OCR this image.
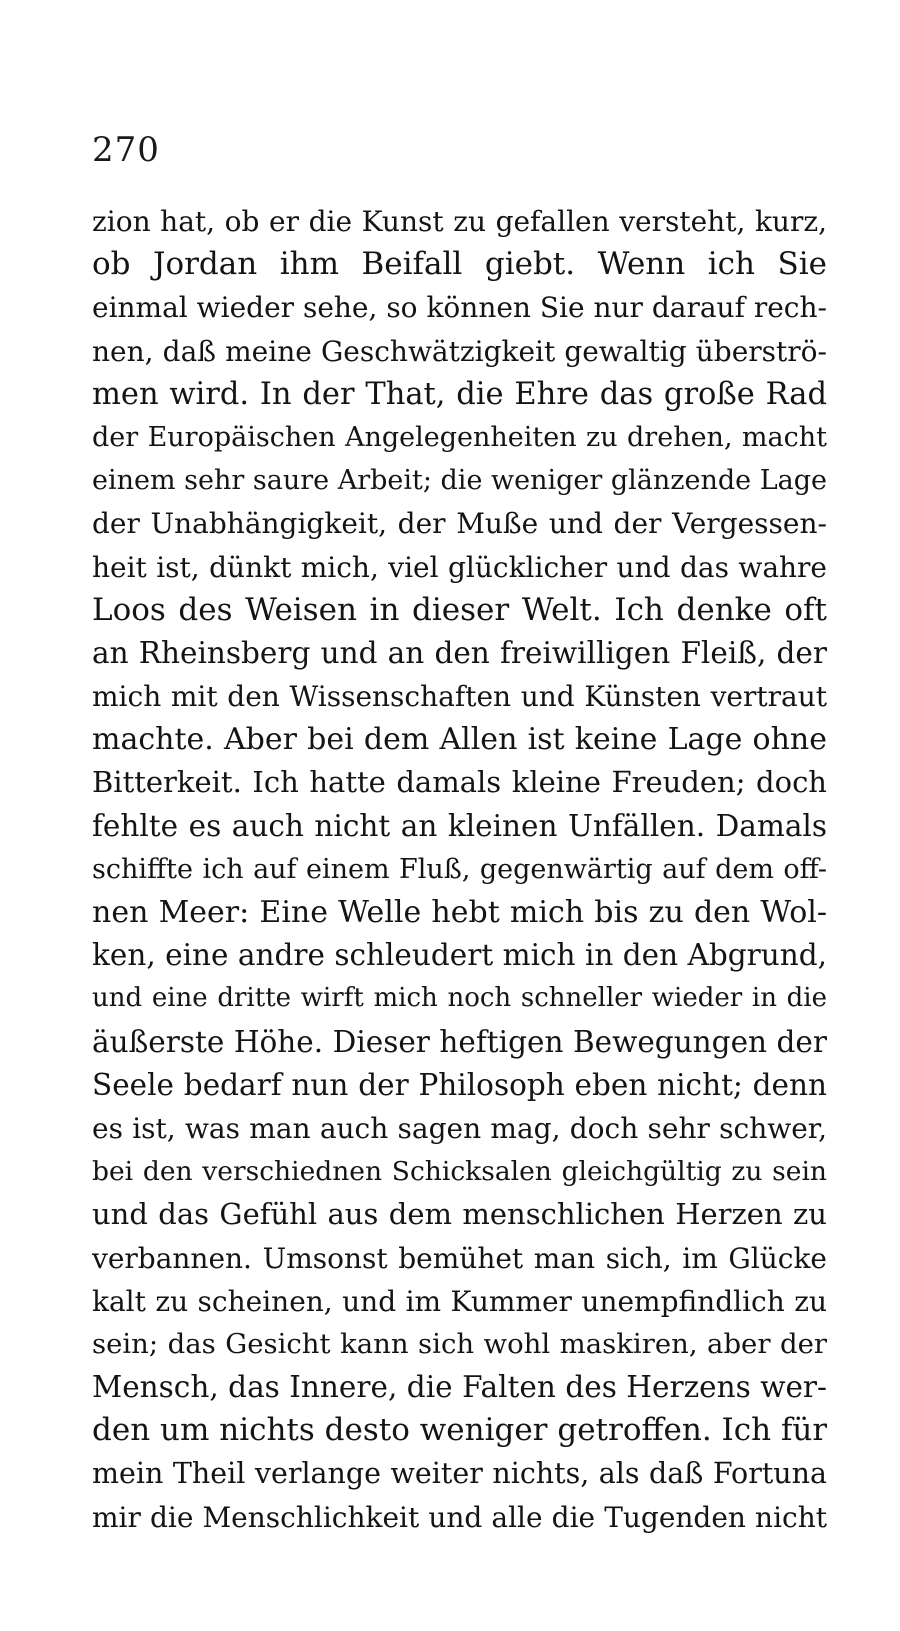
270
zion hat, ob er die Kunst zu gefallen versteht, kurz,
ob Jordan ihm Beifall giebt. Wenn ich Sie
einmal wieder sehe, so können Sie nur darauf rech-
nen, daß meine Geschwätzigkeit gewaltig überströ-
men wird. In der That, die Ehre das große Rad
der Europäischen Angelegenheiten zu drehen, macht
einem sehr saure Arbeit; die weniger glänzende Lage
der Unabhängigkeit, der Muße und der Vergessen-
heit ist, dünkt mich, viel glücklicher und das wahre
Loos des Weisen in dieser Welt. Ich denke oft
an Rheinsberg und an den freiwilligen Fleiß, der
mich mit den Wissenschaften und Künsten vertraut
machte. Aber bei dem Allen ist keine Lage ohne
Bitterkeit. Ich hatte damals kleine Freuden; doch
fehlte es auch nicht an kleinen Unfällen. Damals
schiffte ich auf einem Fluß, gegenwärtig auf dem off-
nen Meer: Eine Welle hebt mich bis zu den Wol-
ken, eine andre schleudert mich in den Abgrund,
und eine dritte wirft mich noch schneller wieder in die
äußerste Höhe. Dieser heftigen Bewegungen der
Seele bedarf nun der Philosoph eben nicht; denn
es ist, was man auch sagen mag, doch sehr schwer,
bei den verschiednen Schicksalen gleichgültig zu sein
und das Gefühl aus dem menschlichen Herzen zu
verbannen. Umsonst bemühet man sich, im Glücke
kalt zu scheinen, und im Kummer unempfindlich zu
sein; das Gesicht kann sich wohl maskiren, aber der
Mensch, das Innere, die Falten des Herzens wer-
den um nichts desto weniger getroffen. Ich für
mein Theil verlange weiter nichts, als daß Fortuna
mir die Menschlichkeit und alle die Tugenden nicht
